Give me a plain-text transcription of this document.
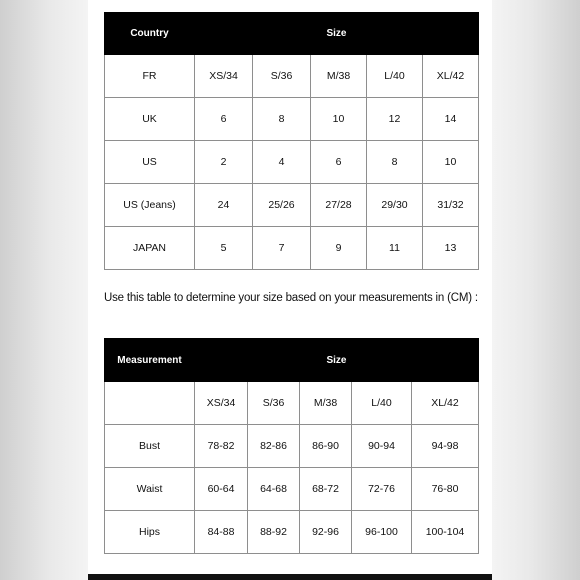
Country	Size				
FR	XS/34	S/36	M/38	L/40	XL/42
UK	6	8	10	12	14
US	2	4	6	8	10
US (Jeans)	24	25/26	27/28	29/30	31/32
JAPAN	5	7	9	11	13
Use this table to determine your size based on your measurements in (CM) :
Measurement	Size				
	XS/34	S/36	M/38	L/40	XL/42
Bust	78-82	82-86	86-90	90-94	94-98
Waist	60-64	64-68	68-72	72-76	76-80
Hips	84-88	88-92	92-96	96-100	100-104
